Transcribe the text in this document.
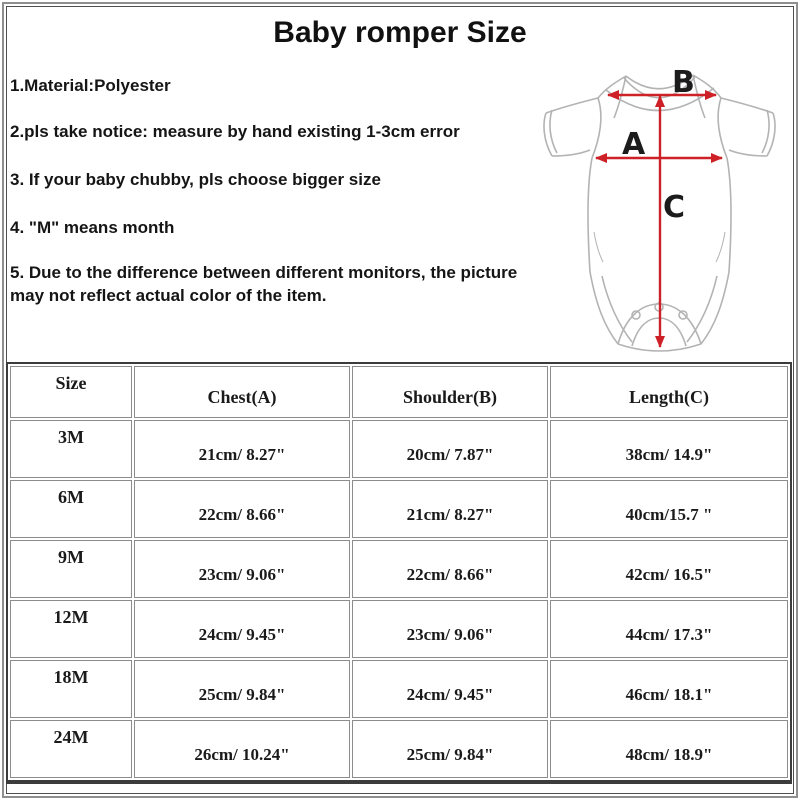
Baby romper Size
1.Material:Polyester
2.pls take notice: measure by hand existing 1-3cm error
3. If your baby chubby, pls choose bigger size
4. "M" means month
5. Due to the difference between different monitors, the picture may not reflect actual color of the item.
A
B
C
Size	Chest(A)	Shoulder(B)	Length(C)
3M	21cm/ 8.27"	20cm/ 7.87"	38cm/ 14.9"
6M	22cm/ 8.66"	21cm/ 8.27"	40cm/15.7 "
9M	23cm/ 9.06"	22cm/ 8.66"	42cm/ 16.5"
12M	24cm/ 9.45"	23cm/ 9.06"	44cm/ 17.3"
18M	25cm/ 9.84"	24cm/ 9.45"	46cm/ 18.1"
24M	26cm/ 10.24"	25cm/ 9.84"	48cm/ 18.9"
